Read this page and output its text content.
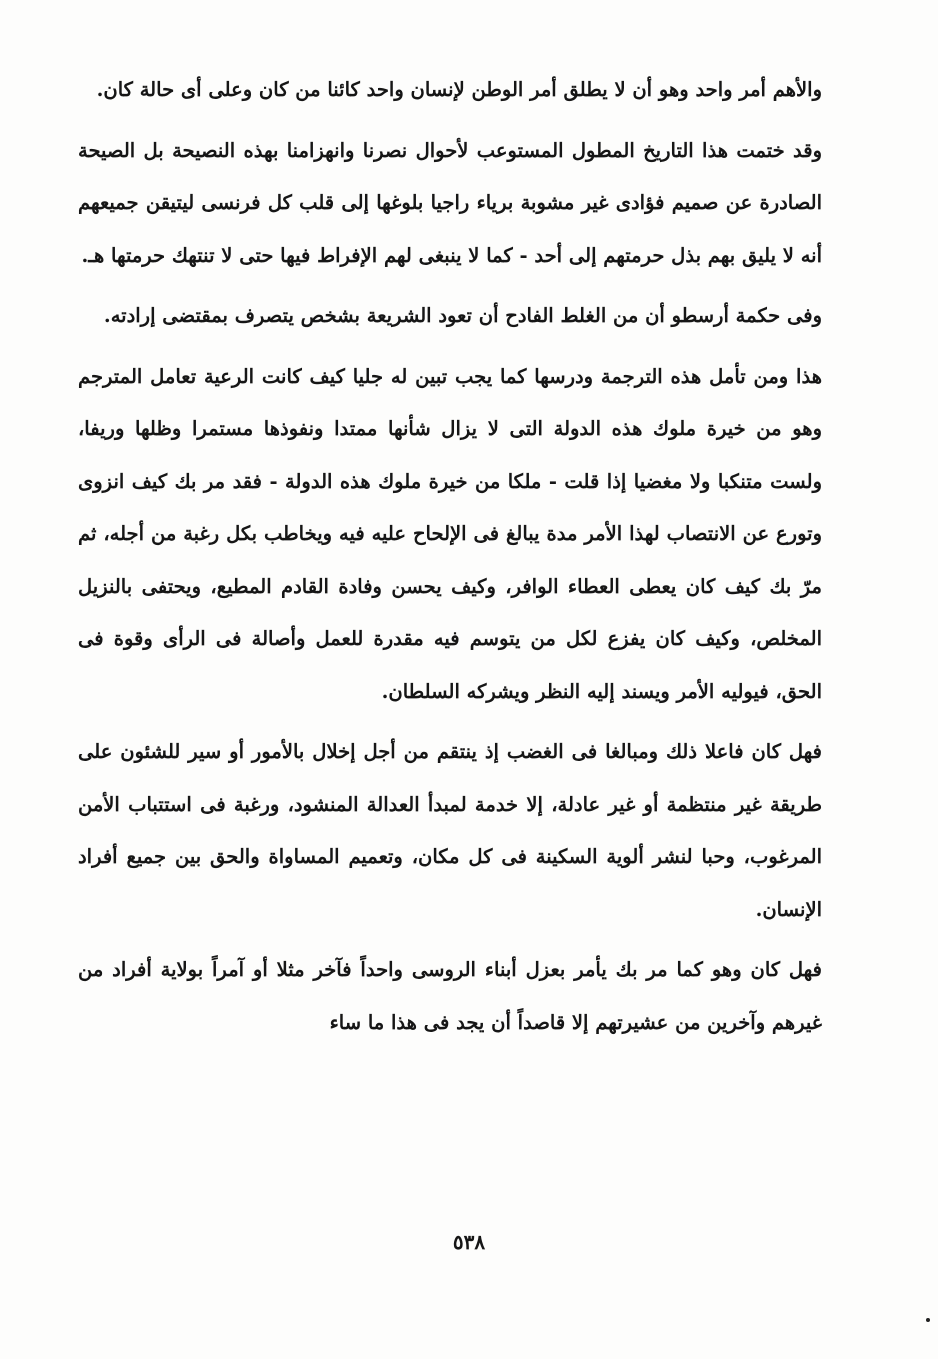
والأهم أمر واحد وهو أن لا يطلق أمر الوطن لإنسان واحد كائنا من كان وعلى أى حالة كان.

وقد ختمت هذا التاريخ المطول المستوعب لأحوال نصرنا وانهزامنا بهذه النصيحة بل الصيحة الصادرة عن صميم فؤادى غير مشوبة برياء راجيا بلوغها إلى قلب كل فرنسى ليتيقن جميعهم أنه لا يليق بهم بذل حرمتهم إلى أحد - كما لا ينبغى لهم الإفراط فيها حتى لا تنتهك حرمتها هـ.

وفى حكمة أرسطو أن من الغلط الفادح أن تعود الشريعة بشخص يتصرف بمقتضى إرادته.

هذا ومن تأمل هذه الترجمة ودرسها كما يجب تبين له جليا كيف كانت الرعية تعامل المترجم وهو من خيرة ملوك هذه الدولة التى لا يزال شأنها ممتدا ونفوذها مستمرا وظلها وريفا، ولست متنكبا ولا مغضيا إذا قلت - ملكا من خيرة ملوك هذه الدولة - فقد مر بك كيف انزوى وتورع عن الانتصاب لهذا الأمر مدة يبالغ فى الإلحاح عليه فيه ويخاطب بكل رغبة من أجله، ثم مرّ بك كيف كان يعطى العطاء الوافر، وكيف يحسن وفادة القادم المطيع، ويحتفى بالنزيل المخلص، وكيف كان يفزع لكل من يتوسم فيه مقدرة للعمل وأصالة فى الرأى وقوة فى الحق، فيوليه الأمر ويسند إليه النظر ويشركه السلطان.

فهل كان فاعلا ذلك ومبالغا فى الغضب إذ ينتقم من أجل إخلال بالأمور أو سير للشئون على طريقة غير منتظمة أو غير عادلة، إلا خدمة لمبدأ العدالة المنشود، ورغبة فى استتباب الأمن المرغوب، وحبا لنشر ألوية السكينة فى كل مكان، وتعميم المساواة والحق بين جميع أفراد الإنسان.

فهل كان وهو كما مر بك يأمر بعزل أبناء الروسى واحداً فآخر مثلا أو آمراً بولاية أفراد من غيرهم وآخرين من عشيرتهم إلا قاصداً أن يجد فى هذا ما ساء

٥٣٨
